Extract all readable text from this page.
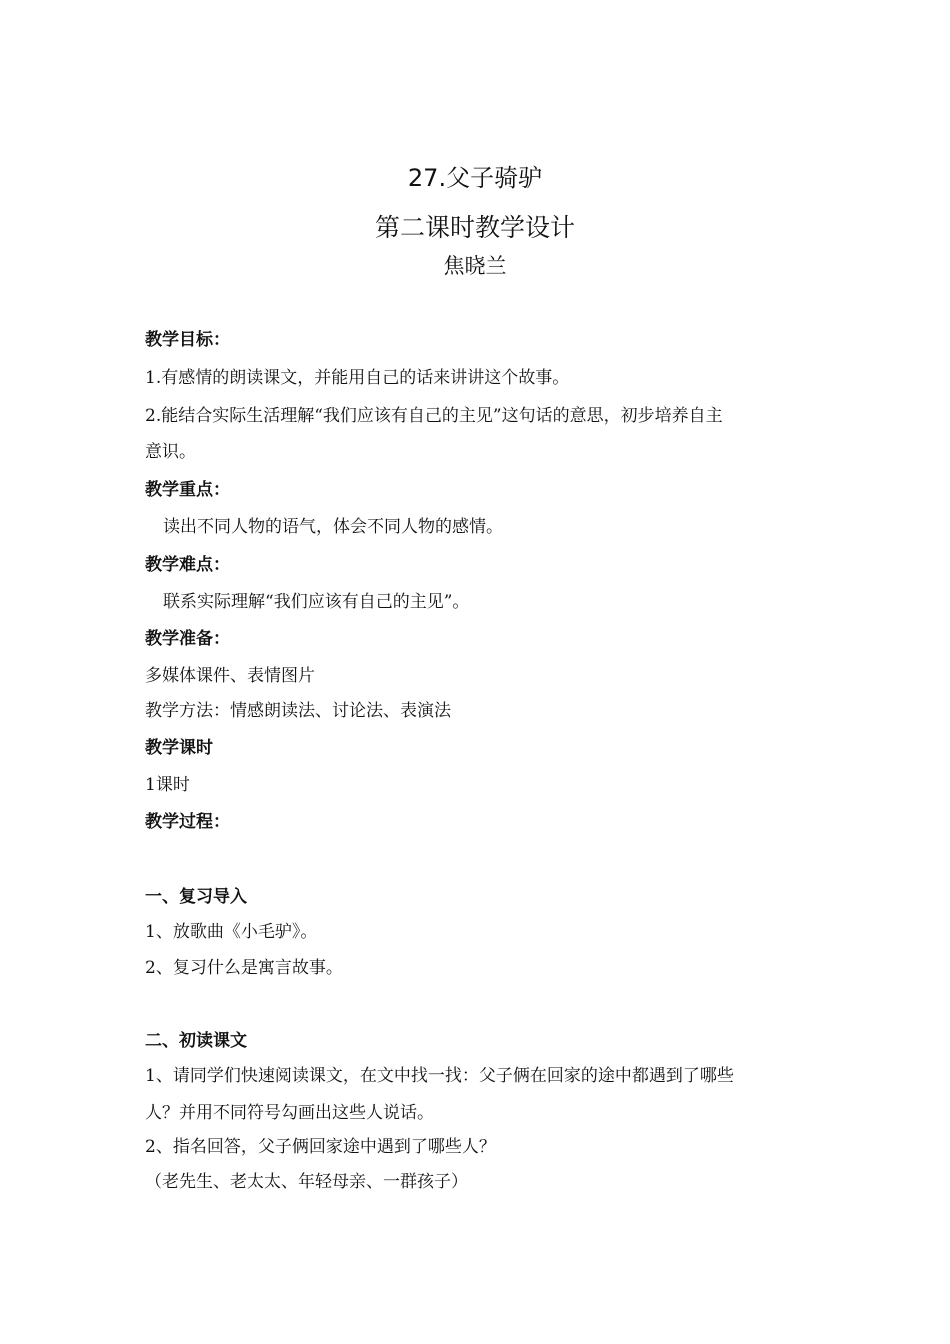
27.父子骑驴
第二课时教学设计
焦晓兰
教学目标：
1.有感情的朗读课文，并能用自己的话来讲讲这个故事。
2.能结合实际生活理解“我们应该有自己的主见”这句话的意思，初步培养自主
意识。
教学重点：
读出不同人物的语气，体会不同人物的感情。
教学难点：
联系实际理解“我们应该有自己的主见”。
教学准备：
多媒体课件、表情图片
教学方法：情感朗读法、讨论法、表演法
教学课时
1课时
教学过程：
一、复习导入
1、放歌曲《小毛驴》。
2、复习什么是寓言故事。
二、初读课文
1、请同学们快速阅读课文，在文中找一找：父子俩在回家的途中都遇到了哪些
人？并用不同符号勾画出这些人说话。
2、指名回答，父子俩回家途中遇到了哪些人？
（老先生、老太太、年轻母亲、一群孩子）
